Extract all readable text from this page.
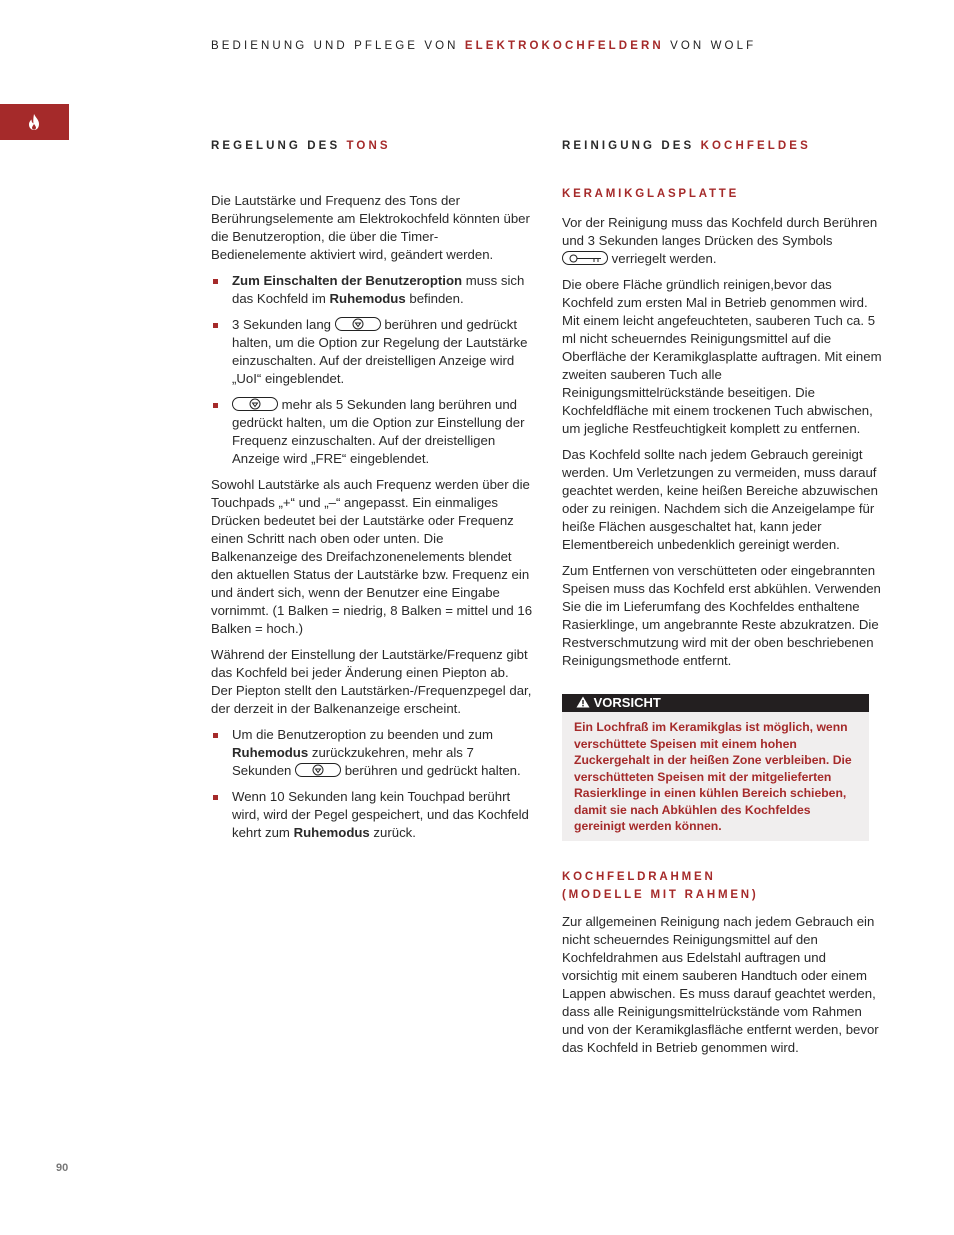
BEDIENUNG UND PFLEGE VON ELEKTROKOCHFELDERN VON WOLF
REGELUNG DES TONS

Die Lautstärke und Frequenz des Tons der Berührungselemente am Elektrokochfeld könnten über die Benutzeroption, die über die Timer-Bedienelemente aktiviert wird, geändert werden.

Zum Einschalten der Benutzeroption muss sich das Kochfeld im Ruhemodus befinden.
3 Sekunden lang	berühren und gedrückt halten, um die Option zur Regelung der Lautstärke einzuschalten. Auf der dreistelligen Anzeige wird „UoI“ eingeblendet.
mehr als 5 Sekunden lang berühren und gedrückt halten, um die Option zur Einstellung der Frequenz einzuschalten. Auf der dreistelligen Anzeige wird „FRE“ eingeblendet.

Sowohl Lautstärke als auch Frequenz werden über die Touchpads „+“ und „–“ angepasst. Ein einmaliges Drücken bedeutet bei der Lautstärke oder Frequenz einen Schritt nach oben oder unten. Die Balkenanzeige des Dreifachzonenelements blendet den aktuellen Status der Lautstärke bzw. Frequenz ein und ändert sich, wenn der Benutzer eine Eingabe vornimmt. (1 Balken = niedrig, 8 Balken = mittel und 16 Balken = hoch.)

Während der Einstellung der Lautstärke/Frequenz gibt das Kochfeld bei jeder Änderung einen Piepton ab. Der Piepton stellt den Lautstärken-/Frequenzpegel dar, der derzeit in der Balkenanzeige erscheint.

Um die Benutzeroption zu beenden und zum Ruhemodus zurückzukehren, mehr als 7 Sekunden	berühren und gedrückt halten.
Wenn 10 Sekunden lang kein Touchpad berührt wird, wird der Pegel gespeichert, und das Kochfeld kehrt zum Ruhemodus zurück.
REINIGUNG DES KOCHFELDES
KERAMIKGLASPLATTE

Vor der Reinigung muss das Kochfeld durch Berühren und 3 Sekunden langes Drücken des Symbols
verriegelt werden.

Die obere Fläche gründlich reinigen,bevor das Kochfeld zum ersten Mal in Betrieb genommen wird. Mit einem leicht angefeuchteten, sauberen Tuch ca. 5 ml nicht scheuerndes Reinigungsmittel auf die Oberfläche der Keramikglasplatte auftragen. Mit einem zweiten sauberen Tuch alle Reinigungsmittelrückstände beseitigen. Die Kochfeldfläche mit einem trockenen Tuch abwischen, um jegliche Restfeuchtigkeit komplett zu entfernen.

Das Kochfeld sollte nach jedem Gebrauch gereinigt werden. Um Verletzungen zu vermeiden, muss darauf geachtet werden, keine heißen Bereiche abzuwischen oder zu reinigen. Nachdem sich die Anzeigelampe für heiße Flächen ausgeschaltet hat, kann jeder Elementbereich unbedenklich gereinigt werden.

Zum Entfernen von verschütteten oder eingebrannten Speisen muss das Kochfeld erst abkühlen. Verwenden Sie die im Lieferumfang des Kochfeldes enthaltene Rasierklinge, um angebrannte Reste abzukratzen. Die Restverschmutzung wird mit der oben beschriebenen Reinigungsmethode entfernt.

VORSICHT
Ein Lochfraß im Keramikglas ist möglich, wenn verschüttete Speisen mit einem hohen Zuckergehalt in der heißen Zone verbleiben. Die verschütteten Speisen mit der mitgelieferten Rasierklinge in einen kühlen Bereich schieben, damit sie nach Abkühlen des Kochfeldes gereinigt werden können.
KOCHFELDRAHMEN
(MODELLE MIT RAHMEN)

Zur allgemeinen Reinigung nach jedem Gebrauch ein nicht scheuerndes Reinigungsmittel auf den Kochfeldrahmen aus Edelstahl auftragen und vorsichtig mit einem sauberen Handtuch oder einem Lappen abwischen. Es muss darauf geachtet werden, dass alle Reinigungsmittelrückstände vom Rahmen und von der Keramikglasfläche entfernt werden, bevor das Kochfeld in Betrieb genommen wird.

90
